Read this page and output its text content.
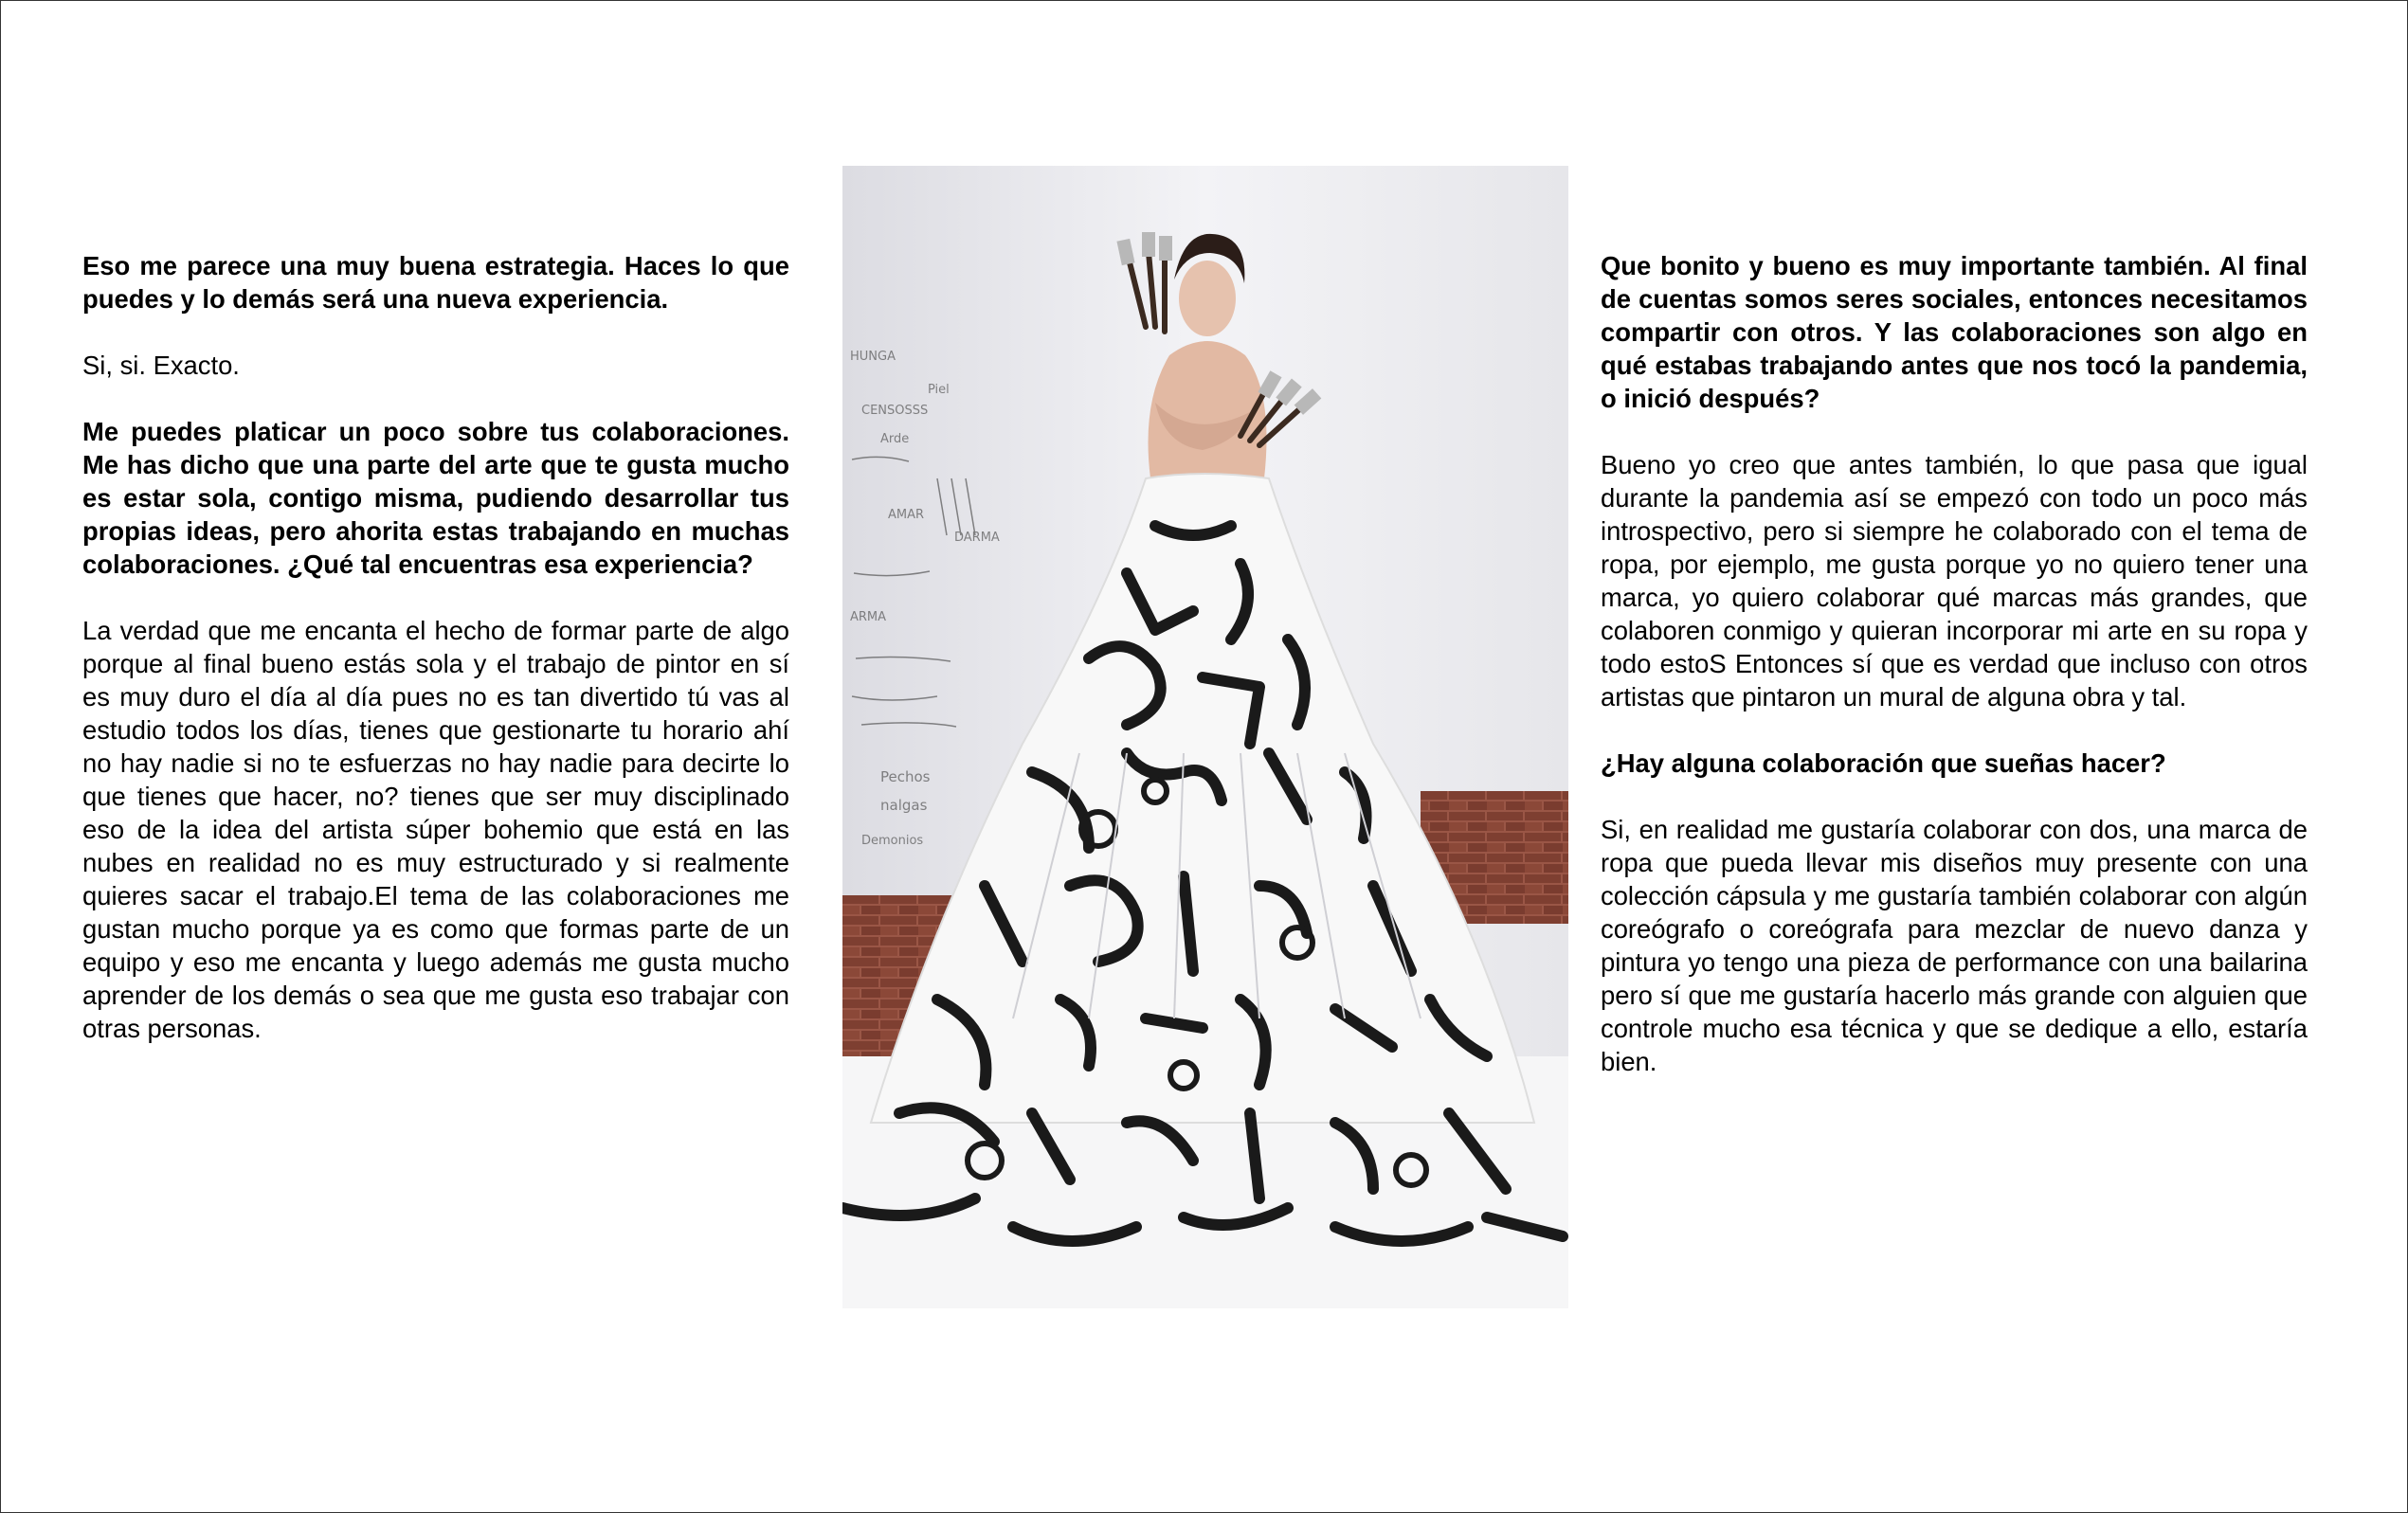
Eso me parece una muy buena estrategia. Haces lo que puedes y lo demás será una nueva experiencia.

Si, si. Exacto.

Me puedes platicar un poco sobre tus colaboraciones. Me has dicho que una parte del arte que te gusta mucho es estar sola, contigo misma, pudiendo desarrollar tus propias ideas, pero ahorita estas trabajando en muchas colaboraciones. ¿Qué tal encuentras esa experiencia?

La verdad que me encanta el hecho de formar parte de algo porque al final bueno estás sola y el trabajo de pintor en sí es muy duro el día al día pues no es tan divertido tú vas al estudio todos los días, tienes que gestionarte tu horario ahí no hay nadie si no te esfuerzas no hay nadie para decirte lo que tienes que hacer, no? tienes que ser muy disciplinado eso de la idea del artista súper bohemio que está en las nubes en realidad no es muy estructurado y si realmente quieres sacar el trabajo.El tema de las colaboraciones me gustan mucho porque ya es como que formas parte de un equipo y eso me encanta y luego además me gusta mucho aprender de los demás o sea que me gusta eso trabajar con otras personas.

HUNGA
Piel
CENSOSSS
Arde
DARMA
AMAR
ARMA
Pechos
nalgas
Demonios

Que bonito y bueno es muy importante también. Al final de cuentas somos seres sociales, entonces necesitamos compartir con otros. Y las colaboraciones son algo en qué estabas trabajando antes que nos tocó la pandemia, o inició después?

Bueno yo creo que antes también, lo que pasa que igual durante la pandemia así se empezó con todo un poco más introspectivo, pero si siempre he colaborado con el tema de ropa, por ejemplo, me gusta porque yo no quiero tener una marca, yo quiero colaborar qué marcas más grandes, que colaboren conmigo y quieran incorporar mi arte en su ropa y todo estoS Entonces sí que es verdad que incluso con otros artistas que pintaron un mural de alguna obra y tal.

¿Hay alguna colaboración que sueñas hacer?

Si, en realidad me gustaría colaborar con dos, una marca de ropa que pueda llevar mis diseños muy presente con una colección cápsula y me gustaría también colaborar con algún coreógrafo o coreógrafa para mezclar de nuevo danza y pintura yo tengo una pieza de performance con una bailarina pero sí que me gustaría hacerlo más grande con alguien que controle mucho esa técnica y que se dedique a ello, estaría bien.
